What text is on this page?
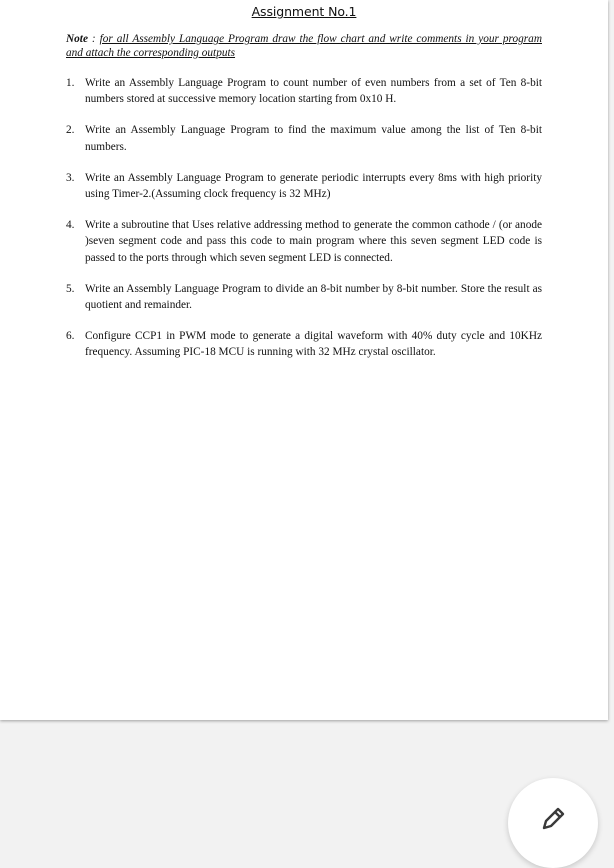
Assignment No.1
Note : for all Assembly Language Program draw the flow chart and write comments in your program and attach the corresponding outputs
1. Write an Assembly Language Program to count number of even numbers from a set of Ten 8-bit numbers stored at successive memory location starting from 0x10 H.
2. Write an Assembly Language Program to find the maximum value among the list of Ten 8-bit numbers.
3. Write an Assembly Language Program to generate periodic interrupts every 8ms with high priority using Timer-2.(Assuming clock frequency is 32 MHz)
4. Write a subroutine that Uses relative addressing method to generate the common cathode / (or anode )seven segment code and pass this code to main program where this seven segment LED code is passed to the ports through which seven segment LED is connected.
5. Write an Assembly Language Program to divide an 8-bit number by 8-bit number. Store the result as quotient and remainder.
6. Configure CCP1 in PWM mode to generate a digital waveform with 40% duty cycle and 10KHz frequency. Assuming PIC-18 MCU is running with 32 MHz crystal oscillator.
